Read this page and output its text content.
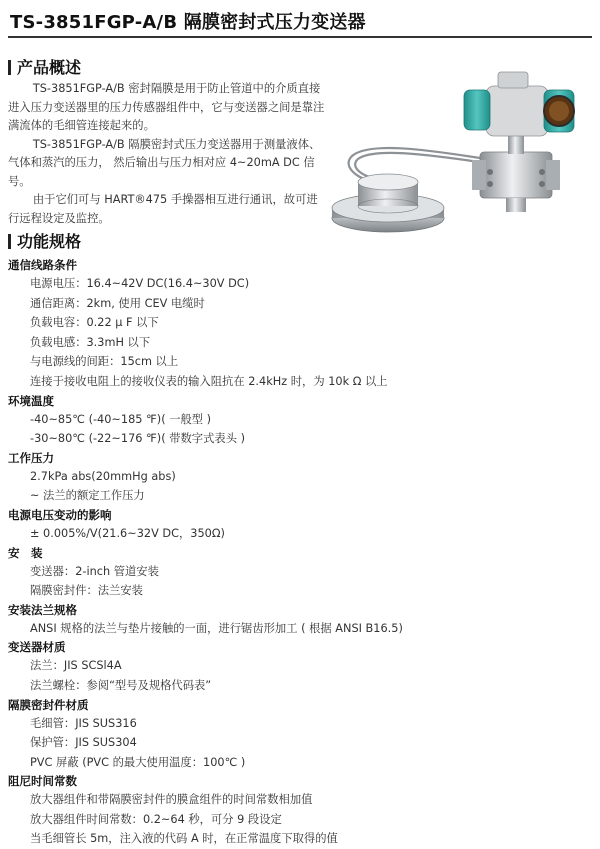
TS-3851FGP-A/B 隔膜密封式压力变送器
产品概述

TS-3851FGP-A/B 密封隔膜是用于防止管道中的介质直接进入压力变送器里的压力传感器组件中，它与变送器之间是靠注满流体的毛细管连接起来的。

TS-3851FGP-A/B 隔膜密封式压力变送器用于测量液体、气体和蒸汽的压力， 然后输出与压力相对应 4~20mA DC 信号。

由于它们可与 HART®475 手操器相互进行通讯，故可进行远程设定及监控。

功能规格
通信线路条件
电源电压：16.4~42V DC(16.4~30V DC)
通信距离：2km, 使用 CEV 电缆时
负载电容：0.22 μ F 以下
负载电感：3.3mH 以下
与电源线的间距：15cm 以上
连接于接收电阻上的接收仪表的输入阻抗在 2.4kHz 时，为 10k Ω 以上
环境温度
-40~85℃ (-40~185 ℉)( 一般型 )
-30~80℃ (-22~176 ℉)( 带数字式表头 )
工作压力
2.7kPa abs(20mmHg abs)
~ 法兰的额定工作压力
电源电压变动的影响
± 0.005%/V(21.6~32V DC，350Ω)
安　装
变送器：2-inch 管道安装
隔膜密封件：法兰安装
安装法兰规格
ANSI 规格的法兰与垫片接触的一面，进行锯齿形加工 ( 根据 ANSI B16.5)
变送器材质
法兰：JIS SCSl4A
法兰螺栓：参阅“型号及规格代码表”
隔膜密封件材质
毛细管：JIS SUS316
保护管：JIS SUS304
PVC 屏蔽 (PVC 的最大使用温度：100℃ )
阻尼时间常数
放大器组件和带隔膜密封件的膜盒组件的时间常数相加值
放大器组件时间常数：0.2~64 秒，可分 9 段设定
当毛细管长 5m，注入液的代码 A 时，在正常温度下取得的值
